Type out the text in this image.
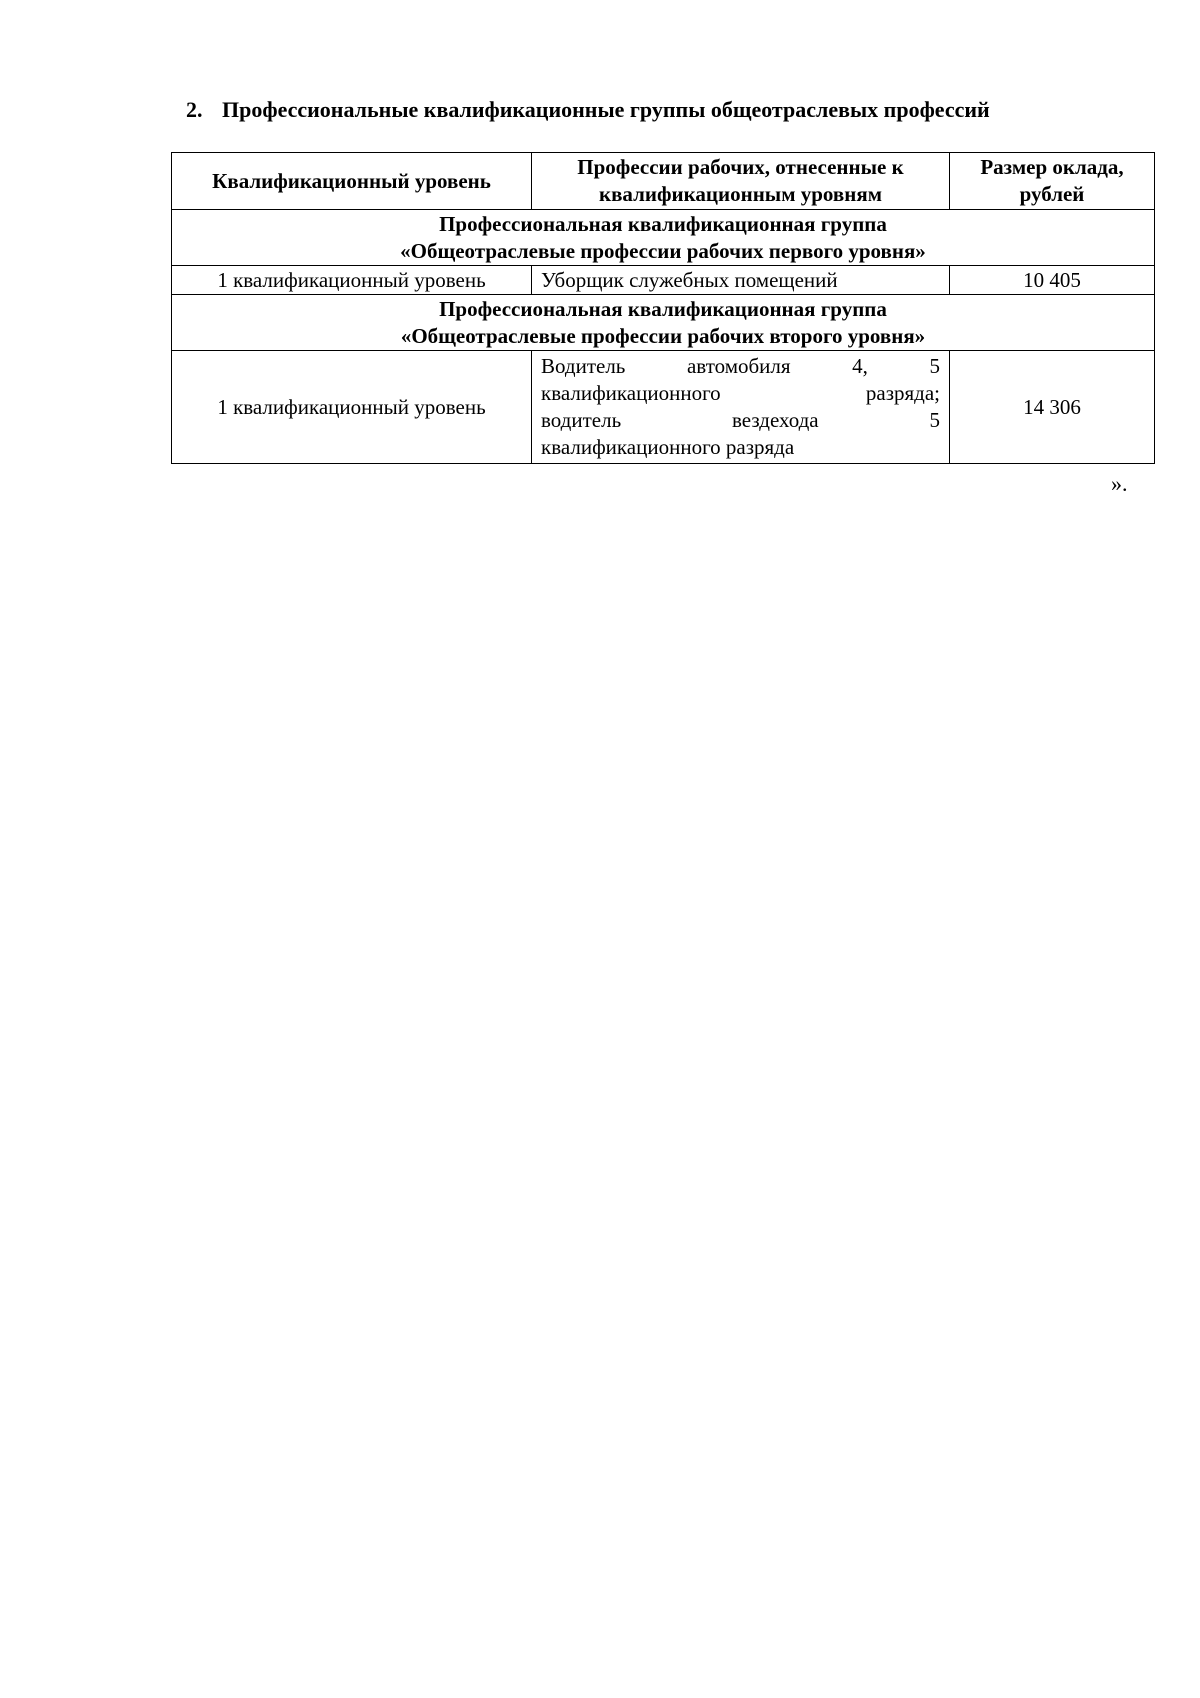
2. Профессиональные квалификационные группы общеотраслевых профессий
Квалификационный уровень	Профессии рабочих, отнесенные к квалификационным уровням	Размер оклада, рублей

Профессиональная квалификационная группа
«Общеотраслевые профессии рабочих первого уровня»		

1 квалификационный уровень	Уборщик служебных помещений	10 405

Профессиональная квалификационная группа
«Общеотраслевые профессии рабочих второго уровня»		

1 квалификационный уровень	Водитель автомобиля 4, 5
квалификационного разряда;
водитель вездехода 5
квалификационного разряда	14 306
».
